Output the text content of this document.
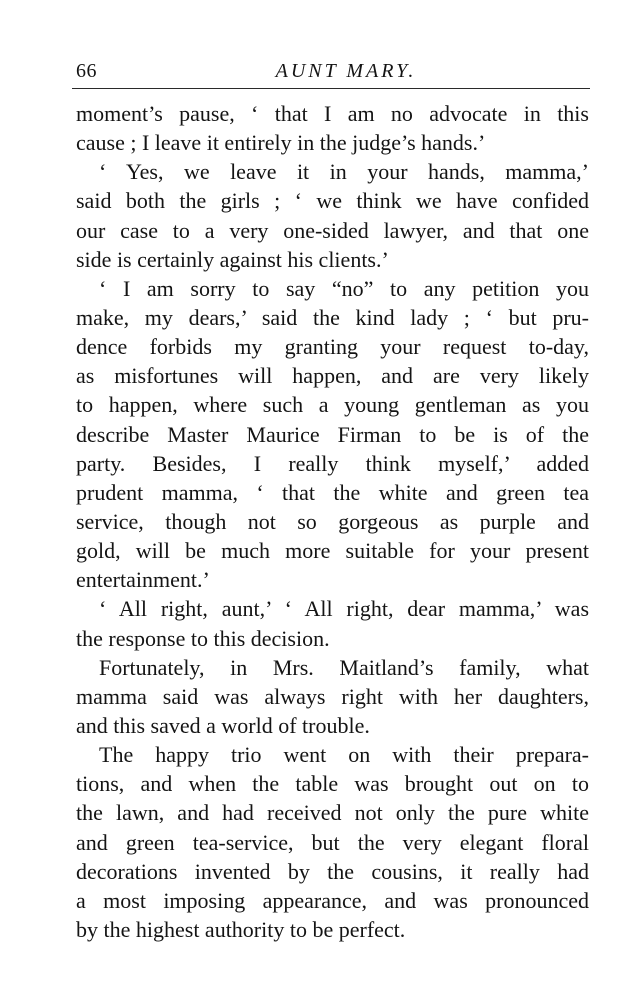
66	AUNT MARY.
moment’s pause, ‘ that I am no advocate in this
cause ; I leave it entirely in the judge’s hands.’
‘ Yes, we leave it in your hands, mamma,’
said both the girls ; ‘ we think we have confided
our case to a very one-sided lawyer, and that one
side is certainly against his clients.’
‘ I am sorry to say “no” to any petition you
make, my dears,’ said the kind lady ; ‘ but pru-
dence forbids my granting your request to-day,
as misfortunes will happen, and are very likely
to happen, where such a young gentleman as you
describe Master Maurice Firman to be is of the
party. Besides, I really think myself,’ added
prudent mamma, ‘ that the white and green tea
service, though not so gorgeous as purple and
gold, will be much more suitable for your present
entertainment.’
‘ All right, aunt,’ ‘ All right, dear mamma,’ was
the response to this decision.
Fortunately, in Mrs. Maitland’s family, what
mamma said was always right with her daughters,
and this saved a world of trouble.
The happy trio went on with their prepara-
tions, and when the table was brought out on to
the lawn, and had received not only the pure white
and green tea-service, but the very elegant floral
decorations invented by the cousins, it really had
a most imposing appearance, and was pronounced
by the highest authority to be perfect.
